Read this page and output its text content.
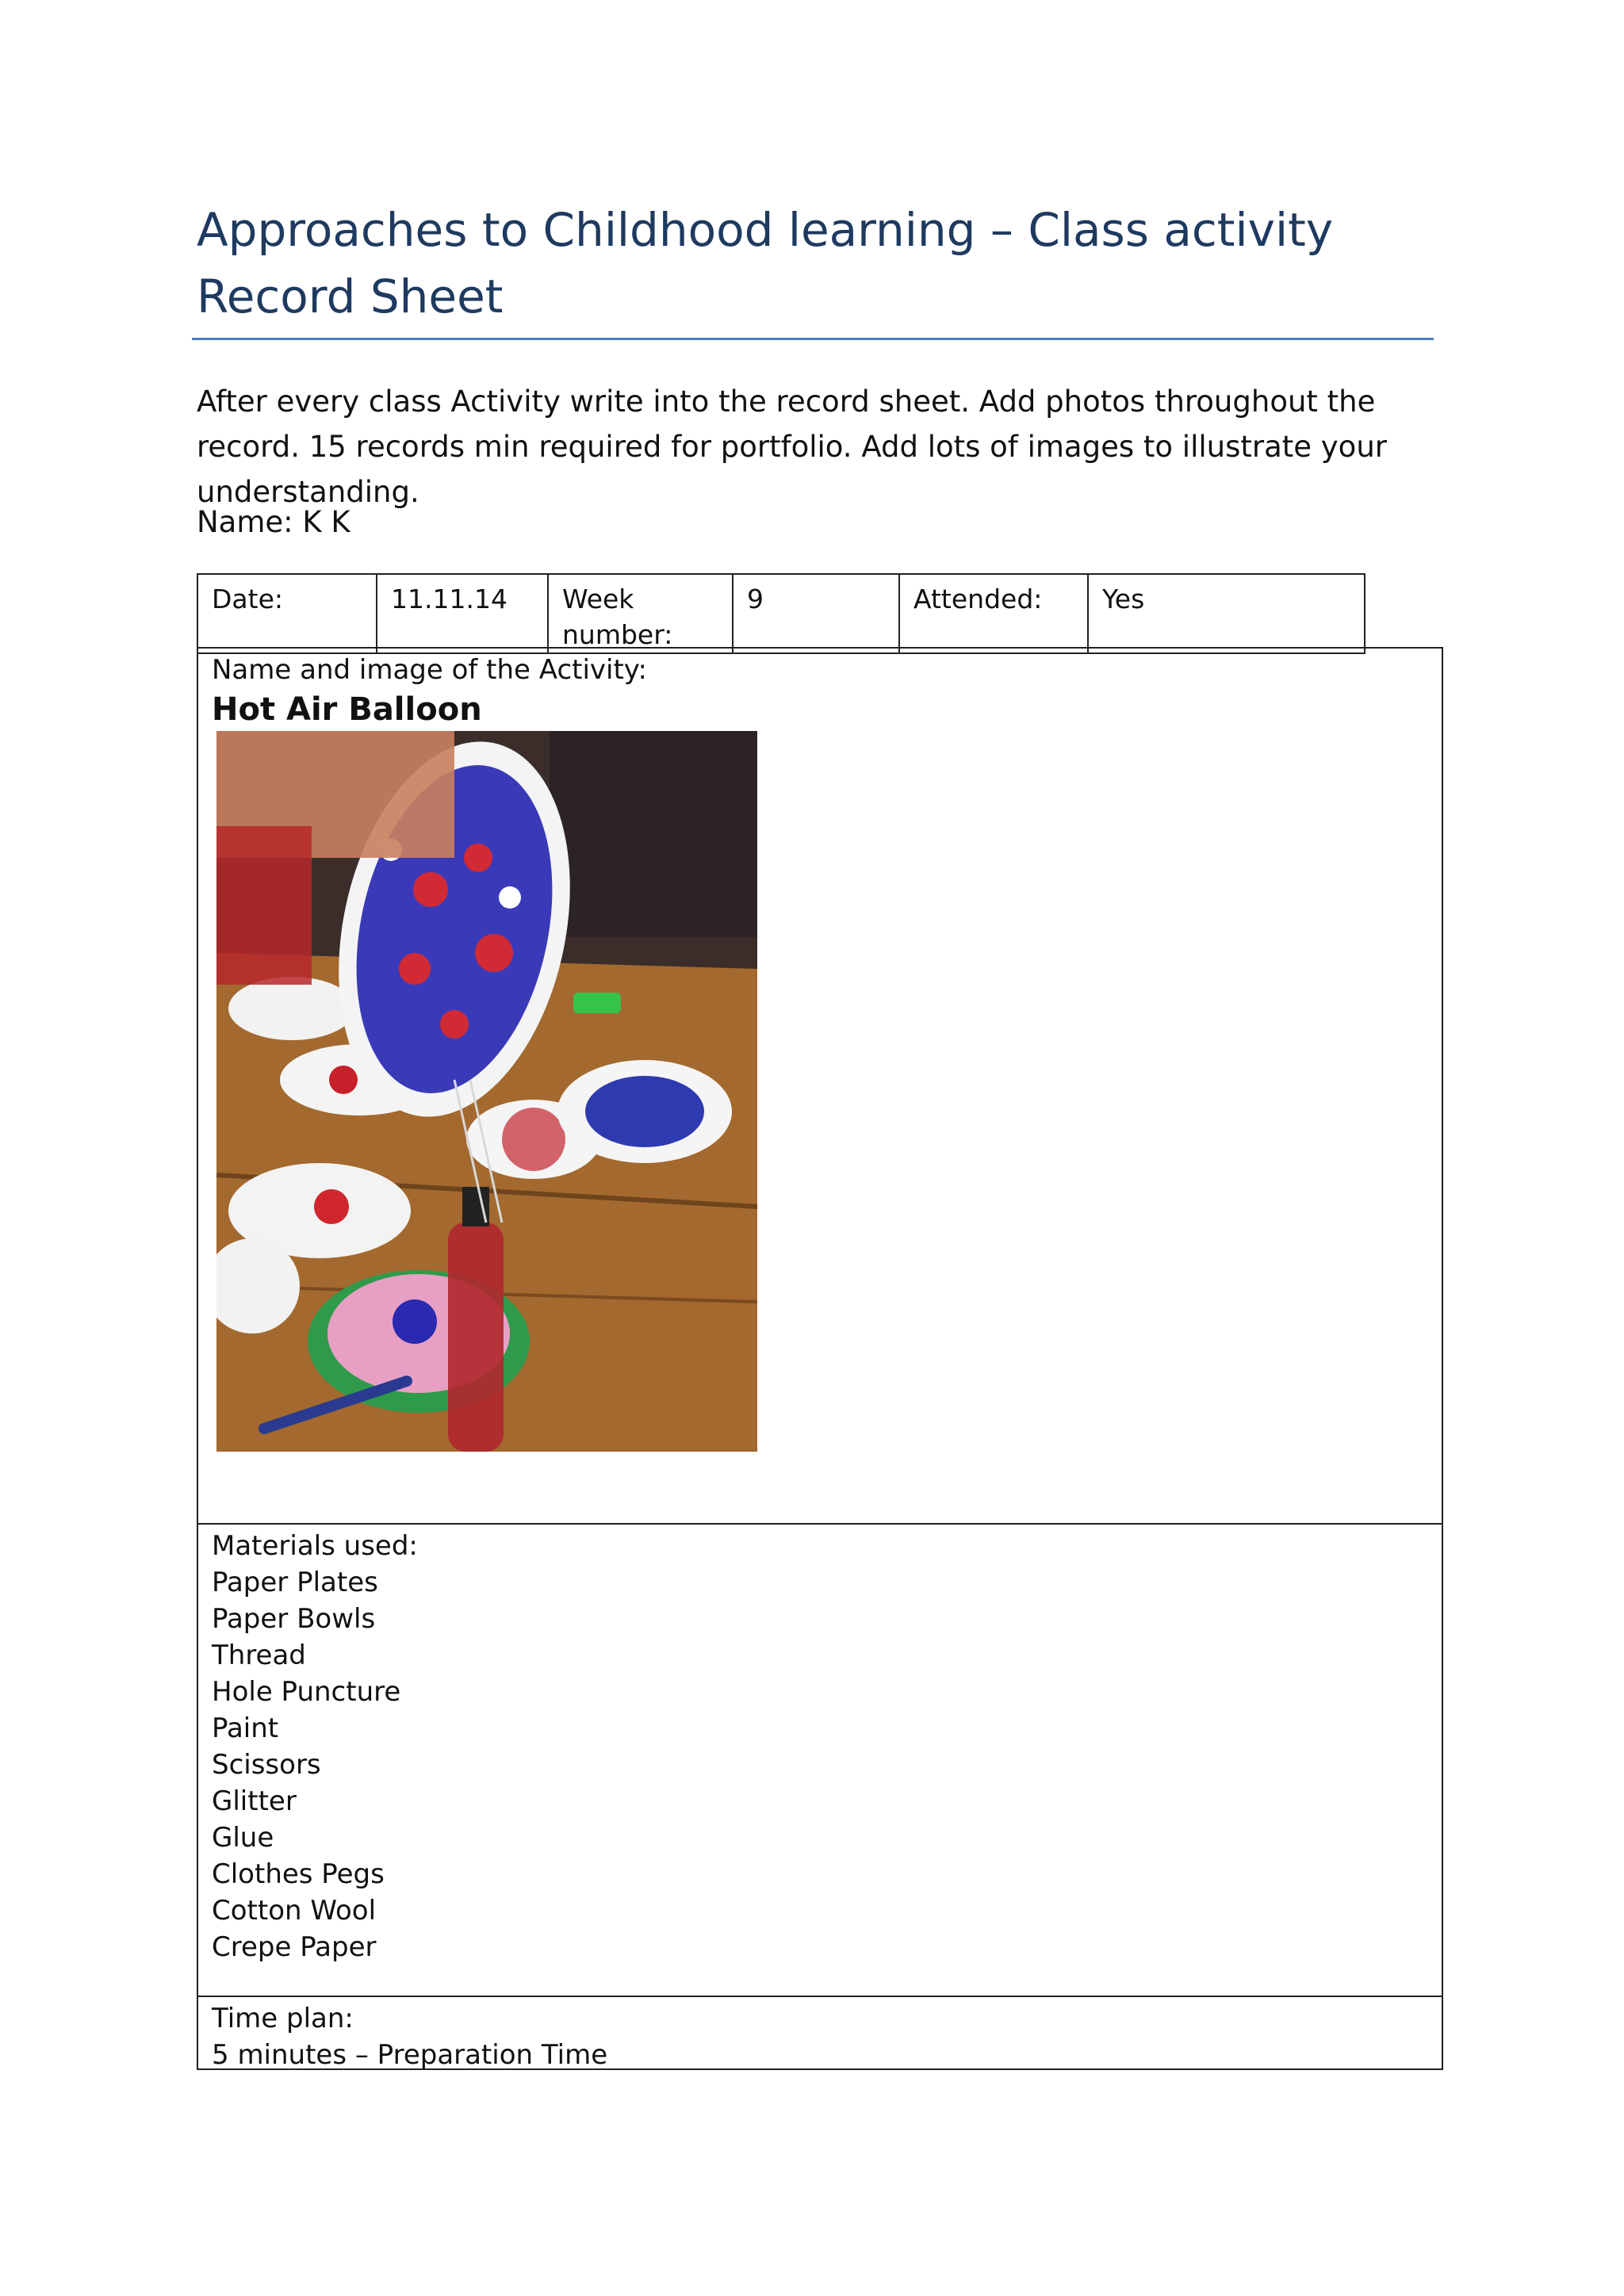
Approaches to Childhood learning – Class activity Record Sheet

After every class Activity write into the record sheet. Add photos throughout the record. 15 records min required for portfolio. Add lots of images to illustrate your understanding.

Name: K K

Date:	11.11.14	Week number:	9	Attended:	Yes
Name and image of the Activity:
Hot Air Balloon
Materials used:
Paper Plates
Paper Bowls
Thread
Hole Puncture
Paint
Scissors
Glitter
Glue
Clothes Pegs
Cotton Wool
Crepe Paper
Time plan:
5 minutes – Preparation Time
